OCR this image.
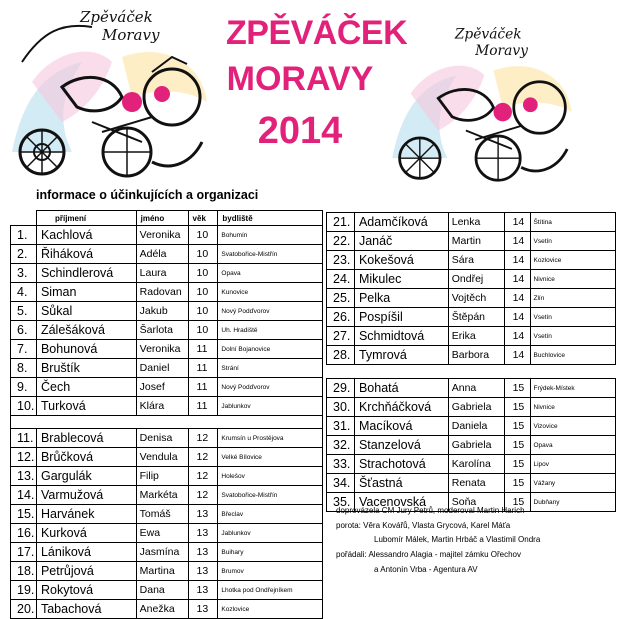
Zpěváček
Moravy	Zpěváček
Moravy
ZPĚVÁČEK
MORAVY
2014
informace o účinkujících a organizaci
	příjmení	jméno	věk	bydliště
1.	Kachlová	Veronika	10	Bohumín
2.	Řiháková	Adéla	10	Svatobořice-Mistřín
3.	Schindlerová	Laura	10	Opava
4.	Siman	Radovan	10	Kunovice
5.	Sůkal	Jakub	10	Nový Podďvorov
6.	Zálešáková	Šarlota	10	Uh. Hradiště
7.	Bohunová	Veronika	11	Dolní Bojanovice
8.	Bruštík	Daniel	11	Strání
9.	Čech	Josef	11	Nový Podďvorov
10.	Turková	Klára	11	Jablunkov

11.	Brablecová	Denisa	12	Krumsín u Prostějova
12.	Brůčková	Vendula	12	Velké Bílovice
13.	Gargulák	Filip	12	Holešov
14.	Varmužová	Markéta	12	Svatobořice-Mistřín
15.	Harvánek	Tomáš	13	Břeclav
16.	Kurková	Ewa	13	Jablunkov
17.	Lániková	Jasmína	13	Buihary
18.	Petrůjová	Martina	13	Brumov
19.	Rokytová	Dana	13	Lhotka pod Ondřejníkem
20.	Tabachová	Anežka	13	Kozlovice
21.	Adamčíková	Lenka	14	Štítina
22.	Janáč	Martin	14	Vsetín
23.	Kokešová	Sára	14	Kozlovice
24.	Mikulec	Ondřej	14	Nivnice
25.	Pelka	Vojtěch	14	Zlín
26.	Pospíšil	Štěpán	14	Vsetín
27.	Schmidtová	Erika	14	Vsetín
28.	Tymrová	Barbora	14	Buchlovice

29.	Bohatá	Anna	15	Frýdek-Místek
30.	Krchňáčková	Gabriela	15	Nivnice
31.	Macíková	Daniela	15	Vizovice
32.	Stanzelová	Gabriela	15	Opava
33.	Strachotová	Karolína	15	Lipov
34.	Šťastná	Renata	15	Vážany
35.	Vacenovská	Soňa	15	Dubňany
doprovázela CM Jury Petrů, moderoval Martin Harich
porota: Věra Kovářů, Vlasta Grycová, Karel Máťa
Lubomír Málek, Martin Hrbáč a Vlastimil Ondra
pořádali: Alessandro Alagia - majitel zámku Ořechov
a Antonín Vrba - Agentura AV
